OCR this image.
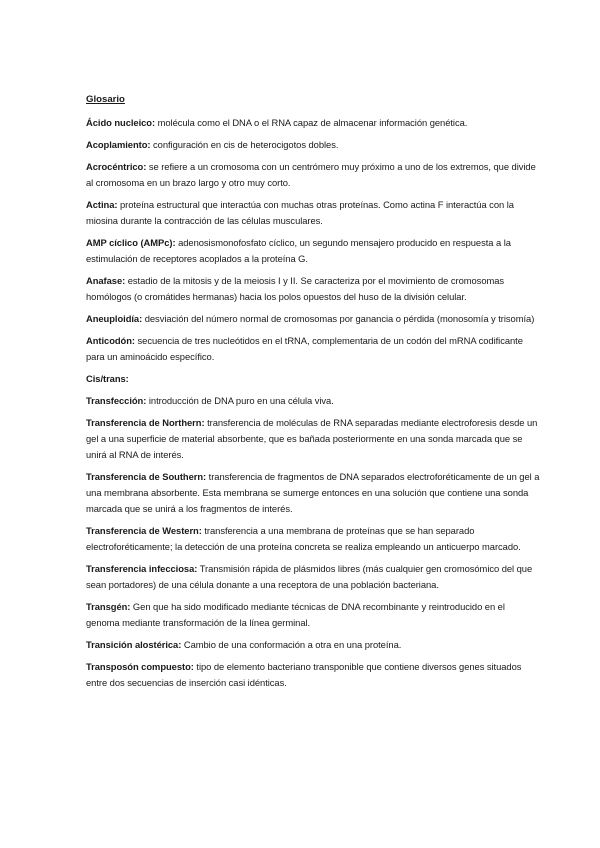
Glosario
Ácido nucleico: molécula como el DNA o el RNA capaz de almacenar información genética.
Acoplamiento: configuración en cis de heterocigotos dobles.
Acrocéntrico: se refiere a un cromosoma con un centrómero muy próximo a uno de los extremos, que divide al cromosoma en un brazo largo y otro muy corto.
Actina: proteína estructural que interactúa con muchas otras proteínas. Como actina F interactúa con la miosina durante la contracción de las células musculares.
AMP cíclico (AMPc): adenosismonofosfato cíclico, un segundo mensajero producido en respuesta a la estimulación de receptores acoplados a la proteína G.
Anafase: estadio de la mitosis y de la meiosis I y II. Se caracteriza por el movimiento de cromosomas homólogos (o cromátides hermanas) hacia los polos opuestos del huso de la división celular.
Aneuploidía: desviación del número normal de cromosomas por ganancia o pérdida (monosomía y trisomía)
Anticodón: secuencia de tres nucleótidos en el tRNA, complementaria de un codón del mRNA codificante para un aminoácido específico.
Cis/trans:
Transfección: introducción de DNA puro en una célula viva.
Transferencia de Northern: transferencia de moléculas de RNA separadas mediante electroforesis desde un gel a una superficie de material absorbente, que es bañada posteriormente en una sonda marcada que se unirá al RNA de interés.
Transferencia de Southern: transferencia de fragmentos de DNA separados electroforéticamente de un gel a una membrana absorbente. Esta membrana se sumerge entonces en una solución que contiene una sonda marcada que se unirá a los fragmentos de interés.
Transferencia de Western: transferencia a una membrana de proteínas que se han separado electroforéticamente; la detección de una proteína concreta se realiza empleando un anticuerpo marcado.
Transferencia infecciosa: Transmisión rápida de plásmidos libres (más cualquier gen cromosómico del que sean portadores) de una célula donante a una receptora de una población bacteriana.
Transgén: Gen que ha sido modificado mediante técnicas de DNA recombinante y reintroducido en el genoma mediante transformación de la línea germinal.
Transición alostérica: Cambio de una conformación a otra en una proteína.
Transposón compuesto: tipo de elemento bacteriano transponible que contiene diversos genes situados entre dos secuencias de inserción casi idénticas.
